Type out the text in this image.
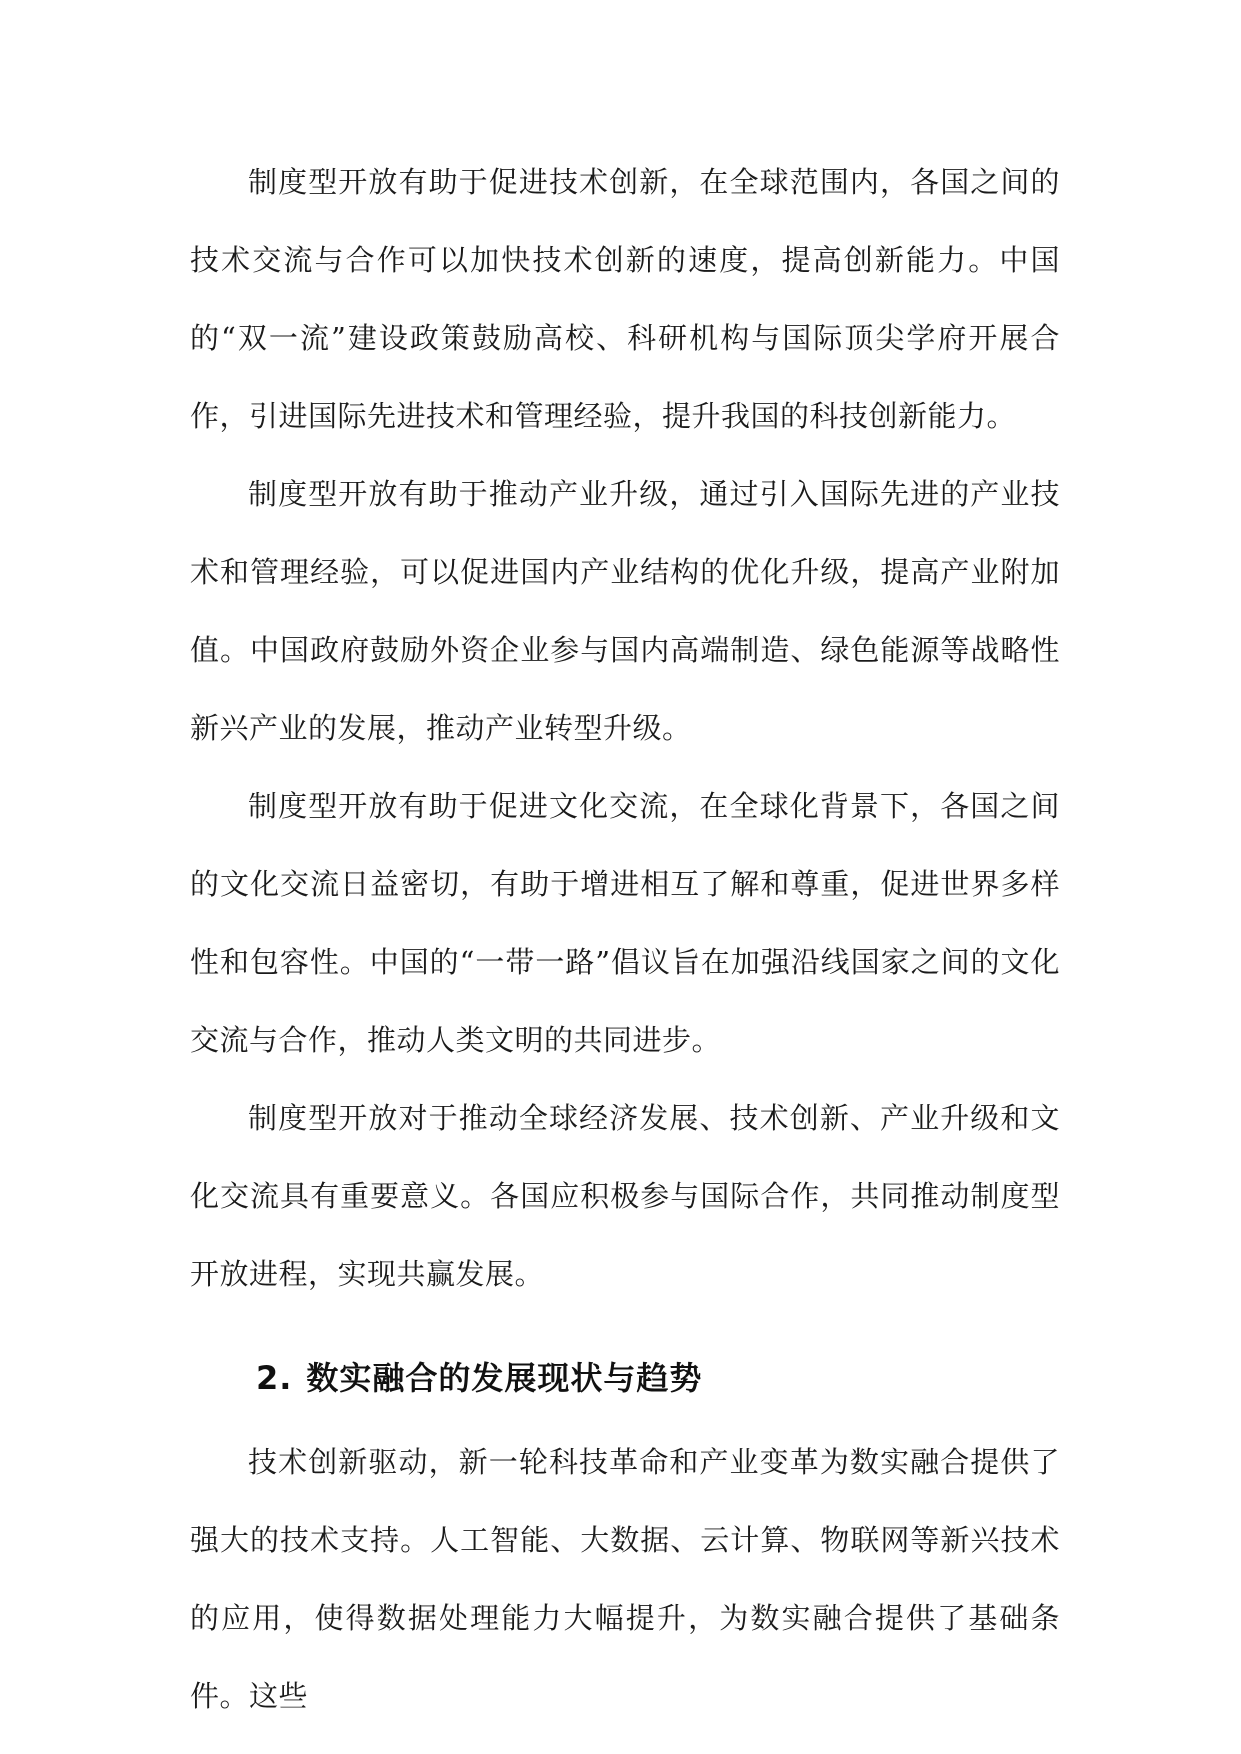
制度型开放有助于促进技术创新，在全球范围内，各国之间的技术交流与合作可以加快技术创新的速度，提高创新能力。中国的“双一流”建设政策鼓励高校、科研机构与国际顶尖学府开展合作，引进国际先进技术和管理经验，提升我国的科技创新能力。

制度型开放有助于推动产业升级，通过引入国际先进的产业技术和管理经验，可以促进国内产业结构的优化升级，提高产业附加值。中国政府鼓励外资企业参与国内高端制造、绿色能源等战略性新兴产业的发展，推动产业转型升级。

制度型开放有助于促进文化交流，在全球化背景下，各国之间的文化交流日益密切，有助于增进相互了解和尊重，促进世界多样性和包容性。中国的“一带一路”倡议旨在加强沿线国家之间的文化交流与合作，推动人类文明的共同进步。

制度型开放对于推动全球经济发展、技术创新、产业升级和文化交流具有重要意义。各国应积极参与国际合作，共同推动制度型开放进程，实现共赢发展。

2. 数实融合的发展现状与趋势

技术创新驱动，新一轮科技革命和产业变革为数实融合提供了强大的技术支持。人工智能、大数据、云计算、物联网等新兴技术的应用，使得数据处理能力大幅提升，为数实融合提供了基础条件。这些
